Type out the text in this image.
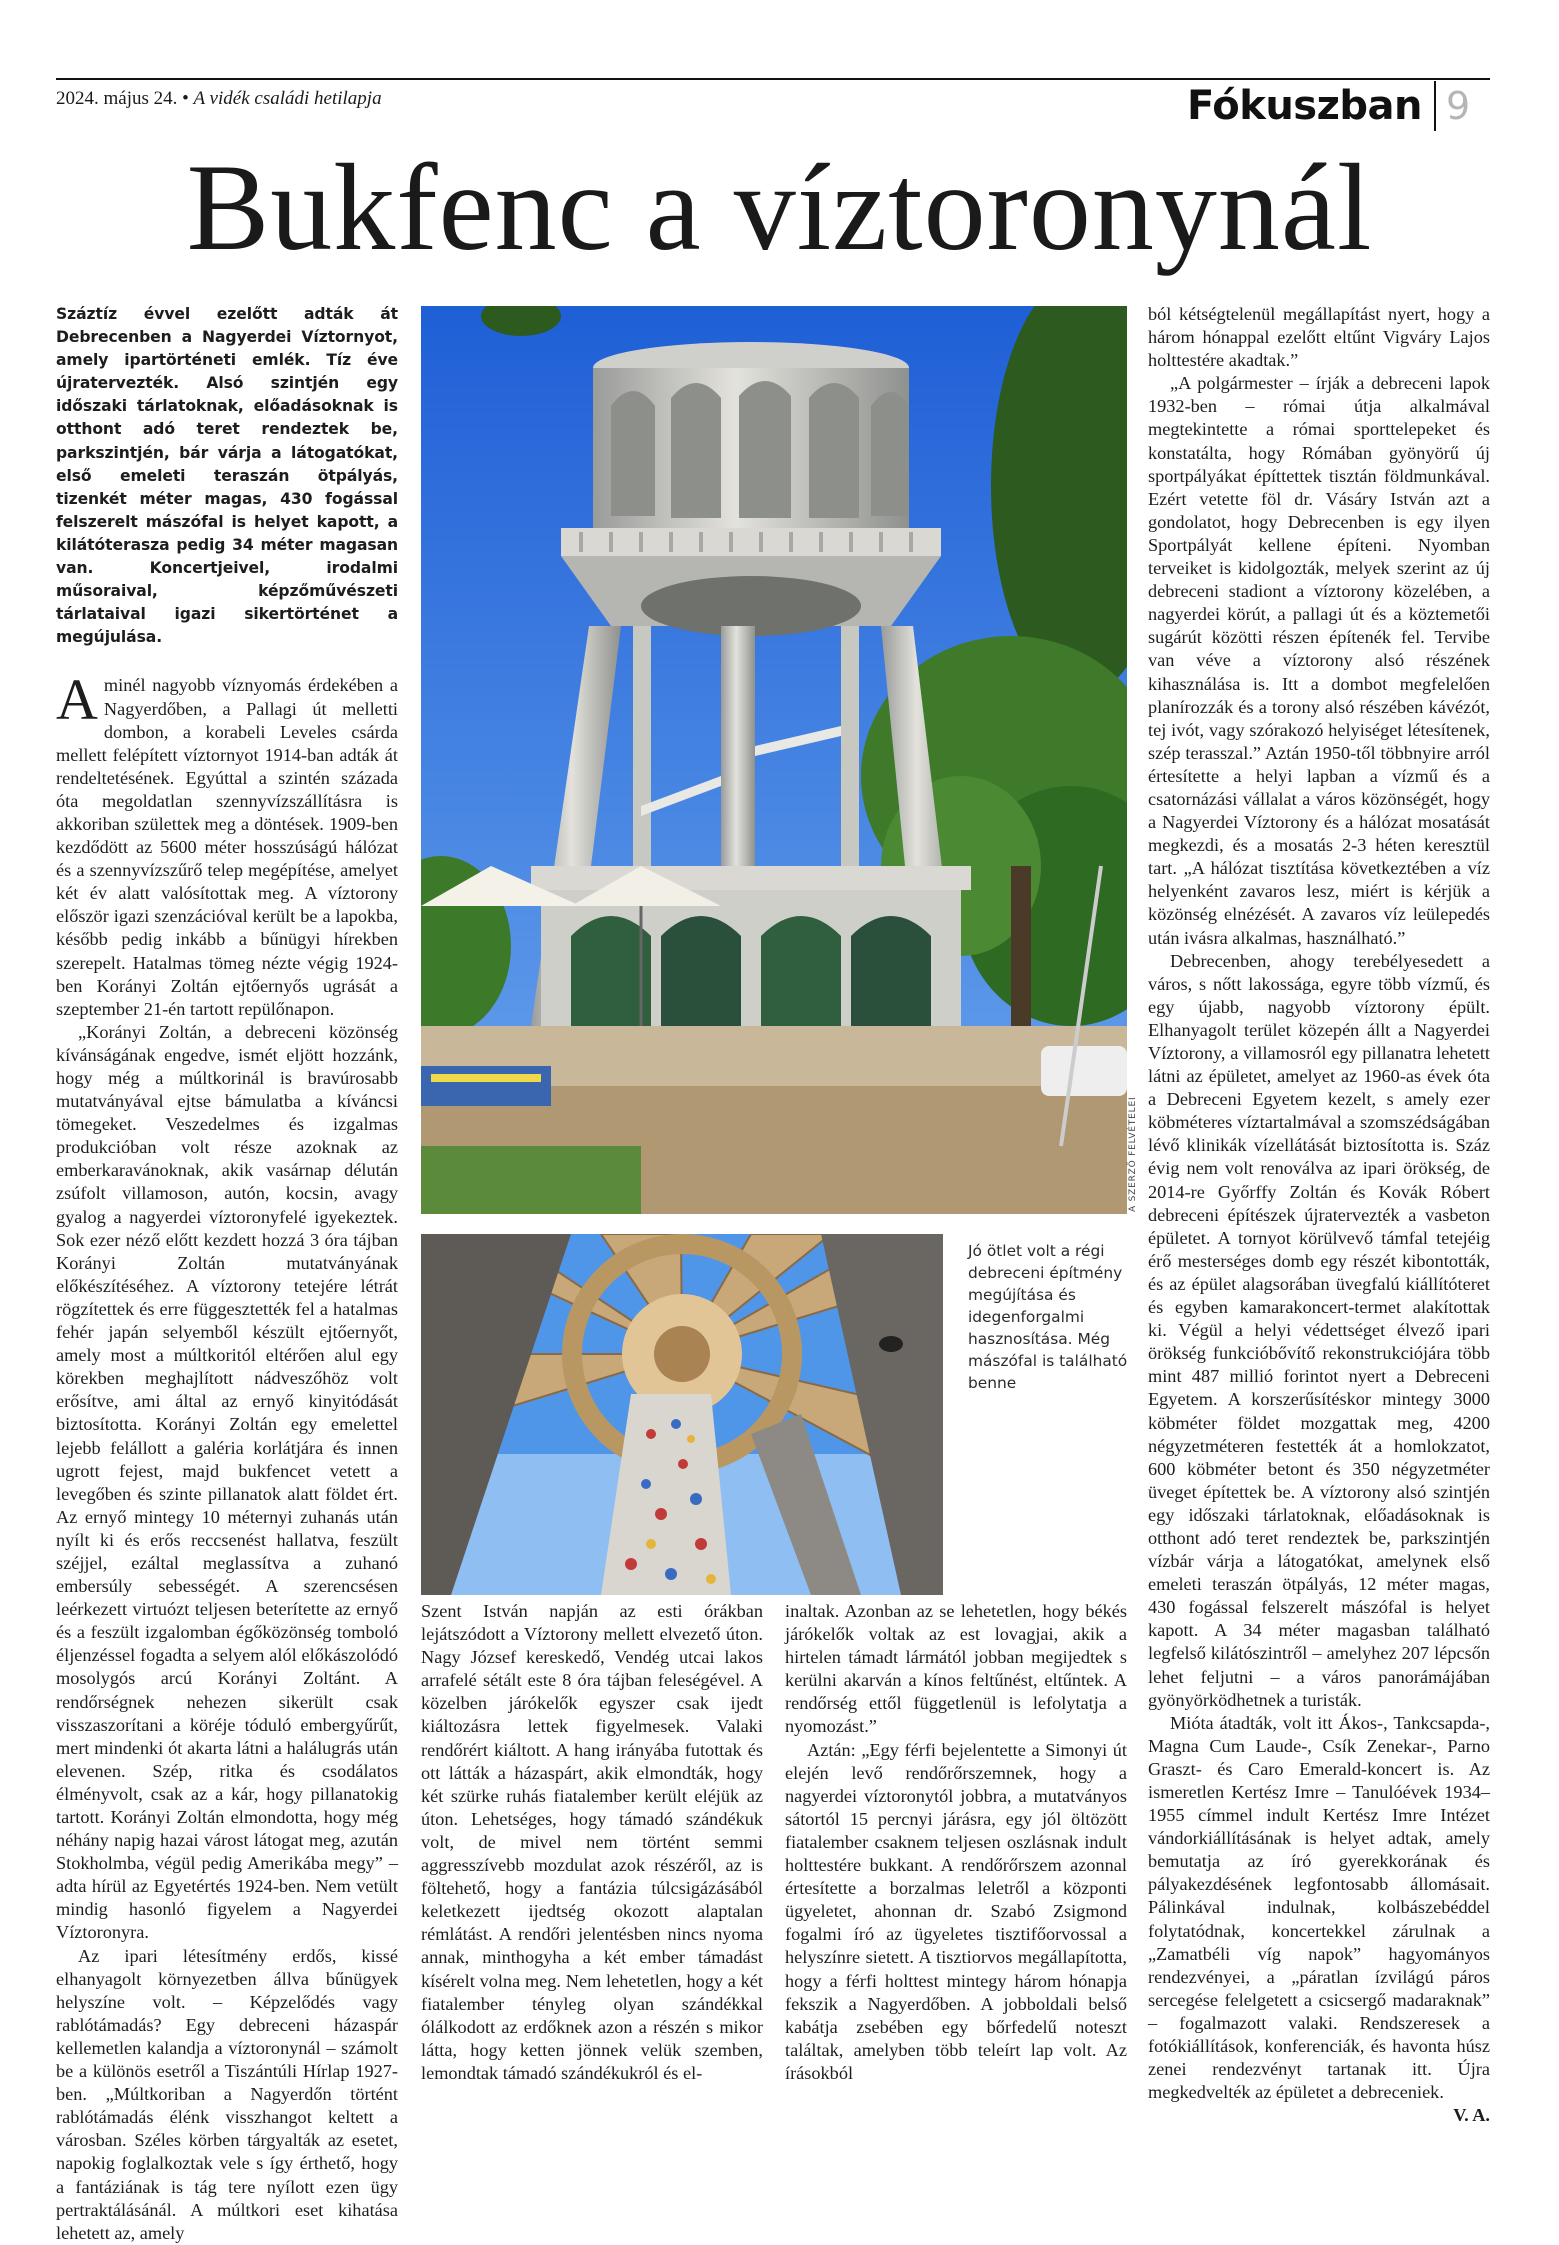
2024. május 24. • A vidék családi hetilapja	Fókuszban 9
Bukfenc a víztoronynál
Száztíz évvel ezelőtt adták át Debrecenben a Nagyerdei Víztornyot, amely ipartörténeti emlék. Tíz éve újratervezték. Alsó szintjén egy időszaki tárlatoknak, előadásoknak is otthont adó teret rendeztek be, parkszintjén, bár várja a látogatókat, első emeleti teraszán ötpályás, tizenkét méter magas, 430 fogással felszerelt mászófal is helyet kapott, a kilátóterasza pedig 34 méter magasan van. Koncertjeivel, irodalmi műsoraival, képzőművészeti tárlataival igazi sikertörténet a megújulása.

Aminél nagyobb víznyomás érdekében a Nagyerdőben, a Pallagi út melletti dombon, a korabeli Leveles csárda mellett felépített víztornyot 1914-ban adták át rendeltetésének. Egyúttal a szintén százada óta megoldatlan szennyvízszállításra is akkoriban születtek meg a döntések. 1909-ben kezdődött az 5600 méter hosszúságú hálózat és a szennyvízszűrő telep megépítése, amelyet két év alatt valósítottak meg. A víztorony először igazi szenzációval került be a lapokba, később pedig inkább a bűnügyi hírekben szerepelt. Hatalmas tömeg nézte végig 1924-ben Korányi Zoltán ejtőernyős ugrását a szeptember 21-én tartott repülőnapon.

„Korányi Zoltán, a debreceni közönség kívánságának engedve, ismét eljött hozzánk, hogy még a múltkorinál is bravúrosabb mutatványával ejtse bámulatba a kíváncsi tömegeket. Veszedelmes és izgalmas produkcióban volt része azoknak az emberkaravánoknak, akik vasárnap délután zsúfolt villamoson, autón, kocsin, avagy gyalog a nagyerdei víztoronyfelé igyekeztek. Sok ezer néző előtt kezdett hozzá 3 óra tájban Korányi Zoltán mutatványának előkészítéséhez. A víztorony tetejére létrát rögzítettek és erre függesztették fel a hatalmas fehér japán selyemből készült ejtőernyőt, amely most a múltkoritól eltérően alul egy körekben meghajlított nádveszőhöz volt erősítve, ami által az ernyő kinyitódását biztosította. Korányi Zoltán egy emelettel lejebb felállott a galéria korlátjára és innen ugrott fejest, majd bukfencet vetett a levegőben és szinte pillanatok alatt földet ért. Az ernyő mintegy 10 méternyi zuhanás után nyílt ki és erős reccsenést hallatva, feszült széjjel, ezáltal meglassítva a zuhanó embersúly sebességét. A szerencsésen leérkezett virtuózt teljesen beterítette az ernyő és a feszült izgalomban égőközönség tomboló éljenzéssel fogadta a selyem alól előkászolódó mosolygós arcú Korányi Zoltánt. A rendőrségnek nehezen sikerült csak visszaszorítani a köréje tóduló embergyűrűt, mert mindenki ót akarta látni a halálugrás után elevenen. Szép, ritka és csodálatos élményvolt, csak az a kár, hogy pillanatokig tartott. Korányi Zoltán elmondotta, hogy még néhány napig hazai várost látogat meg, azután Stokholmba, végül pedig Amerikába megy” – adta hírül az Egyetértés 1924-ben. Nem vetült mindig hasonló figyelem a Nagyerdei Víztoronyra.

Az ipari létesítmény erdős, kissé elhanyagolt környezetben állva bűnügyek helyszíne volt. – Képzelődés vagy rablótámadás? Egy debreceni házaspár kellemetlen kalandja a víztoronynál – számolt be a különös esetről a Tiszántúli Hírlap 1927-ben. „Múltkoriban a Nagyerdőn történt rablótámadás élénk visszhangot keltett a városban. Széles körben tárgyalták az esetet, napokig foglalkoztak vele s így érthető, hogy a fantáziának is tág tere nyílott ezen ügy pertraktálásánál. A múltkori eset kihatása lehetett az, amely

A SZERZŐ FELVÉTELEI
Jó ötlet volt a régi debreceni építmény megújítása és idegenforgalmi hasznosítása. Még mászófal is található benne

Szent István napján az esti órákban lejátszódott a Víztorony mellett elvezető úton. Nagy József kereskedő, Vendég utcai lakos arrafelé sétált este 8 óra tájban feleségével. A közelben járókelők egyszer csak ijedt kiáltozásra lettek figyelmesek. Valaki rendőrért kiáltott. A hang irányába futottak és ott látták a házaspárt, akik elmondták, hogy két szürke ruhás fiatalember került eléjük az úton. Lehetséges, hogy támadó szándékuk volt, de mivel nem történt semmi aggresszívebb mozdulat azok részéről, az is föltehető, hogy a fantázia túlcsigázásából keletkezett ijedtség okozott alaptalan rémlátást. A rendőri jelentésben nincs nyoma annak, minthogyha a két ember támadást kísérelt volna meg. Nem lehetetlen, hogy a két fiatalember tényleg olyan szándékkal ólálkodott az erdőknek azon a részén s mikor látta, hogy ketten jönnek velük szemben, lemondtak támadó szándékukról és el-

inaltak. Azonban az se lehetetlen, hogy békés járókelők voltak az est lovagjai, akik a hirtelen támadt lármától jobban megijedtek s kerülni akarván a kínos feltűnést, eltűntek. A rendőrség ettől függetlenül is lefolytatja a nyomozást.”

Aztán: „Egy férfi bejelentette a Simonyi út elején levő rendőrőrszemnek, hogy a nagyerdei víztoronytól jobbra, a mutatványos sátortól 15 percnyi járásra, egy jól öltözött fiatalember csaknem teljesen oszlásnak indult holttestére bukkant. A rendőrőrszem azonnal értesítette a borzalmas leletről a központi ügyeletet, ahonnan dr. Szabó Zsigmond fogalmi író az ügyeletes tisztifőorvossal a helyszínre sietett. A tisztiorvos megállapította, hogy a férfi holttest mintegy három hónapja fekszik a Nagyerdőben. A jobboldali belső kabátja zsebében egy bőrfedelű noteszt találtak, amelyben több teleírt lap volt. Az írásokból

ból kétségtelenül megállapítást nyert, hogy a három hónappal ezelőtt eltűnt Vigváry Lajos holttestére akadtak.”

„A polgármester – írják a debreceni lapok 1932-ben – római útja alkalmával megtekintette a római sporttelepeket és konstatálta, hogy Rómában gyönyörű új sportpályákat építtettek tisztán földmunkával. Ezért vetette föl dr. Vásáry István azt a gondolatot, hogy Debrecenben is egy ilyen Sportpályát kellene építeni. Nyomban terveiket is kidolgozták, melyek szerint az új debreceni stadiont a víztorony közelében, a nagyerdei körút, a pallagi út és a köztemetői sugárút közötti részen építenék fel. Tervibe van véve a víztorony alsó részének kihasználása is. Itt a dombot megfelelően planírozzák és a torony alsó részében kávézót, tej ivót, vagy szórakozó helyiséget létesítenek, szép terasszal.” Aztán 1950-től többnyire arról értesítette a helyi lapban a vízmű és a csatornázási vállalat a város közönségét, hogy a Nagyerdei Víztorony és a hálózat mosatását megkezdi, és a mosatás 2-3 héten keresztül tart. „A hálózat tisztítása következtében a víz helyenként zavaros lesz, miért is kérjük a közönség elnézését. A zavaros víz leülepedés után ivásra alkalmas, használható.”

Debrecenben, ahogy terebélyesedett a város, s nőtt lakossága, egyre több vízmű, és egy újabb, nagyobb víztorony épült. Elhanyagolt terület közepén állt a Nagyerdei Víztorony, a villamosról egy pillanatra lehetett látni az épületet, amelyet az 1960-as évek óta a Debreceni Egyetem kezelt, s amely ezer köbméteres víztartalmával a szomszédságában lévő klinikák vízellátását biztosította is. Száz évig nem volt renoválva az ipari örökség, de 2014-re Győrffy Zoltán és Kovák Róbert debreceni építészek újratervezték a vasbeton épületet. A tornyot körülvevő támfal tetejéig érő mesterséges domb egy részét kibontották, és az épület alagsorában üvegfalú kiállítóteret és egyben kamarakoncert-termet alakítottak ki. Végül a helyi védettséget élvező ipari örökség funkcióbővítő rekonstrukciójára több mint 487 millió forintot nyert a Debreceni Egyetem. A korszerűsítéskor mintegy 3000 köbméter földet mozgattak meg, 4200 négyzetméteren festették át a homlokzatot, 600 köbméter betont és 350 négyzetméter üveget építettek be. A víztorony alsó szintjén egy időszaki tárlatoknak, előadásoknak is otthont adó teret rendeztek be, parkszintjén vízbár várja a látogatókat, amelynek első emeleti teraszán ötpályás, 12 méter magas, 430 fogással felszerelt mászófal is helyet kapott. A 34 méter magasban található legfelső kilátószintről – amelyhez 207 lépcsőn lehet feljutni – a város panorámájában gyönyörködhetnek a turisták.

Mióta átadták, volt itt Ákos-, Tankcsapda-, Magna Cum Laude-, Csík Zenekar-, Parno Graszt- és Caro Emerald-koncert is. Az ismeretlen Kertész Imre – Tanulóévek 1934–1955 címmel indult Kertész Imre Intézet vándorkiállításának is helyet adtak, amely bemutatja az író gyerekkorának és pályakezdésének legfontosabb állomásait. Pálinkával indulnak, kolbászebéddel folytatódnak, koncertekkel zárulnak a „Zamatbéli víg napok” hagyományos rendezvényei, a „páratlan ízvilágú páros sercegése felelgetett a csicsergő madaraknak” – fogalmazott valaki. Rendszeresek a fotókiállítások, konferenciák, és havonta húsz zenei rendezvényt tartanak itt. Újra megkedvelték az épületet a debreceniek.
V. A.
